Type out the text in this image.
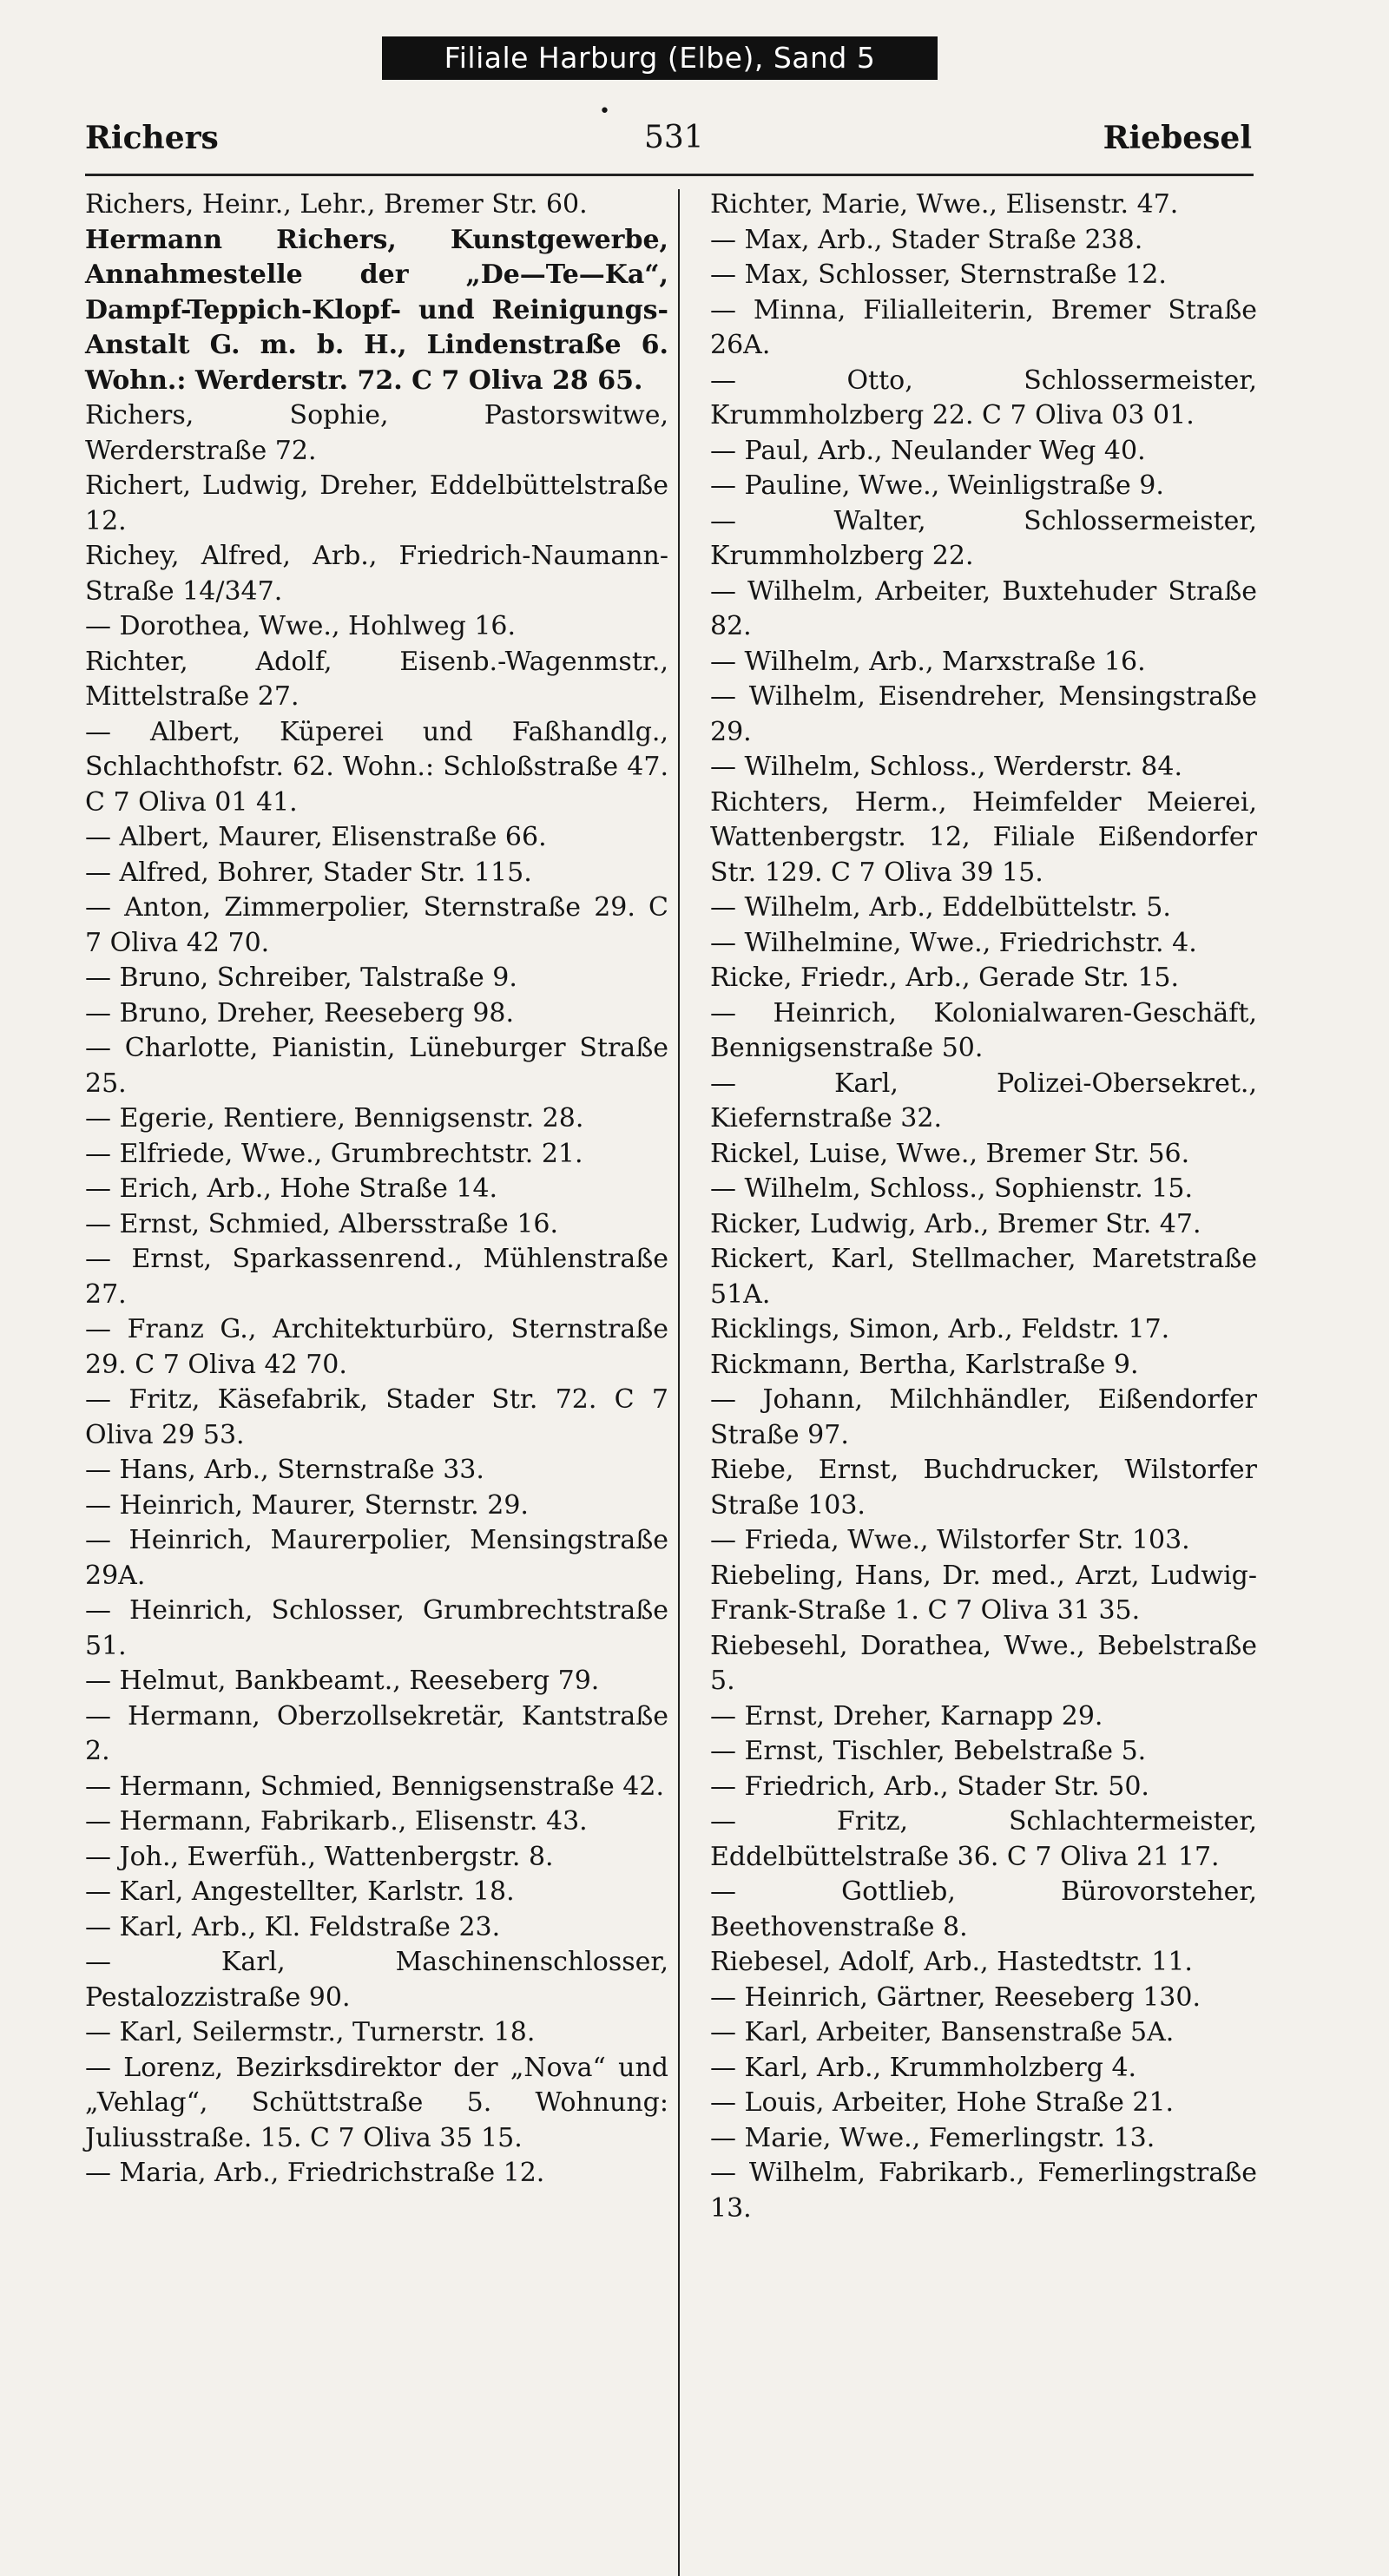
Filiale Harburg (Elbe), Sand 5
•
Richers	531	Riebesel

Richers, Heinr., Lehr., Bremer Str. 60.

Hermann Richers, Kunstgewerbe, Annahmestelle der „De—Te—Ka“, Dampf-Teppich-Klopf- und Reinigungs-Anstalt G. m. b. H., Lindenstraße 6. Wohn.: Werderstr. 72. C 7 Oliva 28 65.

Richers, Sophie, Pastorswitwe, Werderstraße 72.

Richert, Ludwig, Dreher, Eddelbüttelstraße 12.

Richey, Alfred, Arb., Friedrich-Naumann-Straße 14/347.

— Dorothea, Wwe., Hohlweg 16.

Richter, Adolf, Eisenb.-Wagenmstr., Mittelstraße 27.

— Albert, Küperei und Faßhandlg., Schlachthofstr. 62. Wohn.: Schloßstraße 47. C 7 Oliva 01 41.

— Albert, Maurer, Elisenstraße 66.

— Alfred, Bohrer, Stader Str. 115.

— Anton, Zimmerpolier, Sternstraße 29. C 7 Oliva 42 70.

— Bruno, Schreiber, Talstraße 9.

— Bruno, Dreher, Reeseberg 98.

— Charlotte, Pianistin, Lüneburger Straße 25.

— Egerie, Rentiere, Bennigsenstr. 28.

— Elfriede, Wwe., Grumbrechtstr. 21.

— Erich, Arb., Hohe Straße 14.

— Ernst, Schmied, Albersstraße 16.

— Ernst, Sparkassenrend., Mühlenstraße 27.

— Franz G., Architekturbüro, Sternstraße 29. C 7 Oliva 42 70.

— Fritz, Käsefabrik, Stader Str. 72. C 7 Oliva 29 53.

— Hans, Arb., Sternstraße 33.

— Heinrich, Maurer, Sternstr. 29.

— Heinrich, Maurerpolier, Mensingstraße 29A.

— Heinrich, Schlosser, Grumbrechtstraße 51.

— Helmut, Bankbeamt., Reeseberg 79.

— Hermann, Oberzollsekretär, Kantstraße 2.

— Hermann, Schmied, Bennigsenstraße 42.

— Hermann, Fabrikarb., Elisenstr. 43.

— Joh., Ewerfüh., Wattenbergstr. 8.

— Karl, Angestellter, Karlstr. 18.

— Karl, Arb., Kl. Feldstraße 23.

— Karl, Maschinenschlosser, Pestalozzistraße 90.

— Karl, Seilermstr., Turnerstr. 18.

— Lorenz, Bezirksdirektor der „Nova“ und „Vehlag“, Schüttstraße 5. Wohnung: Juliusstraße. 15. C 7 Oliva 35 15.

— Maria, Arb., Friedrichstraße 12.

Richter, Marie, Wwe., Elisenstr. 47.

— Max, Arb., Stader Straße 238.

— Max, Schlosser, Sternstraße 12.

— Minna, Filialleiterin, Bremer Straße 26A.

— Otto, Schlossermeister, Krummholzberg 22. C 7 Oliva 03 01.

— Paul, Arb., Neulander Weg 40.

— Pauline, Wwe., Weinligstraße 9.

— Walter, Schlossermeister, Krummholzberg 22.

— Wilhelm, Arbeiter, Buxtehuder Straße 82.

— Wilhelm, Arb., Marxstraße 16.

— Wilhelm, Eisendreher, Mensingstraße 29.

— Wilhelm, Schloss., Werderstr. 84.

Richters, Herm., Heimfelder Meierei, Wattenbergstr. 12, Filiale Eißendorfer Str. 129. C 7 Oliva 39 15.

— Wilhelm, Arb., Eddelbüttelstr. 5.

— Wilhelmine, Wwe., Friedrichstr. 4.

Ricke, Friedr., Arb., Gerade Str. 15.

— Heinrich, Kolonialwaren-Geschäft, Bennigsenstraße 50.

— Karl, Polizei-Obersekret., Kiefernstraße 32.

Rickel, Luise, Wwe., Bremer Str. 56.

— Wilhelm, Schloss., Sophienstr. 15.

Ricker, Ludwig, Arb., Bremer Str. 47.

Rickert, Karl, Stellmacher, Maretstraße 51A.

Ricklings, Simon, Arb., Feldstr. 17.

Rickmann, Bertha, Karlstraße 9.

— Johann, Milchhändler, Eißendorfer Straße 97.

Riebe, Ernst, Buchdrucker, Wilstorfer Straße 103.

— Frieda, Wwe., Wilstorfer Str. 103.

Riebeling, Hans, Dr. med., Arzt, Ludwig-Frank-Straße 1. C 7 Oliva 31 35.

Riebesehl, Dorathea, Wwe., Bebelstraße 5.

— Ernst, Dreher, Karnapp 29.

— Ernst, Tischler, Bebelstraße 5.

— Friedrich, Arb., Stader Str. 50.

— Fritz, Schlachtermeister, Eddelbüttelstraße 36. C 7 Oliva 21 17.

— Gottlieb, Bürovorsteher, Beethovenstraße 8.

Riebesel, Adolf, Arb., Hastedtstr. 11.

— Heinrich, Gärtner, Reeseberg 130.

— Karl, Arbeiter, Bansenstraße 5A.

— Karl, Arb., Krummholzberg 4.

— Louis, Arbeiter, Hohe Straße 21.

— Marie, Wwe., Femerlingstr. 13.

— Wilhelm, Fabrikarb., Femerlingstraße 13.
